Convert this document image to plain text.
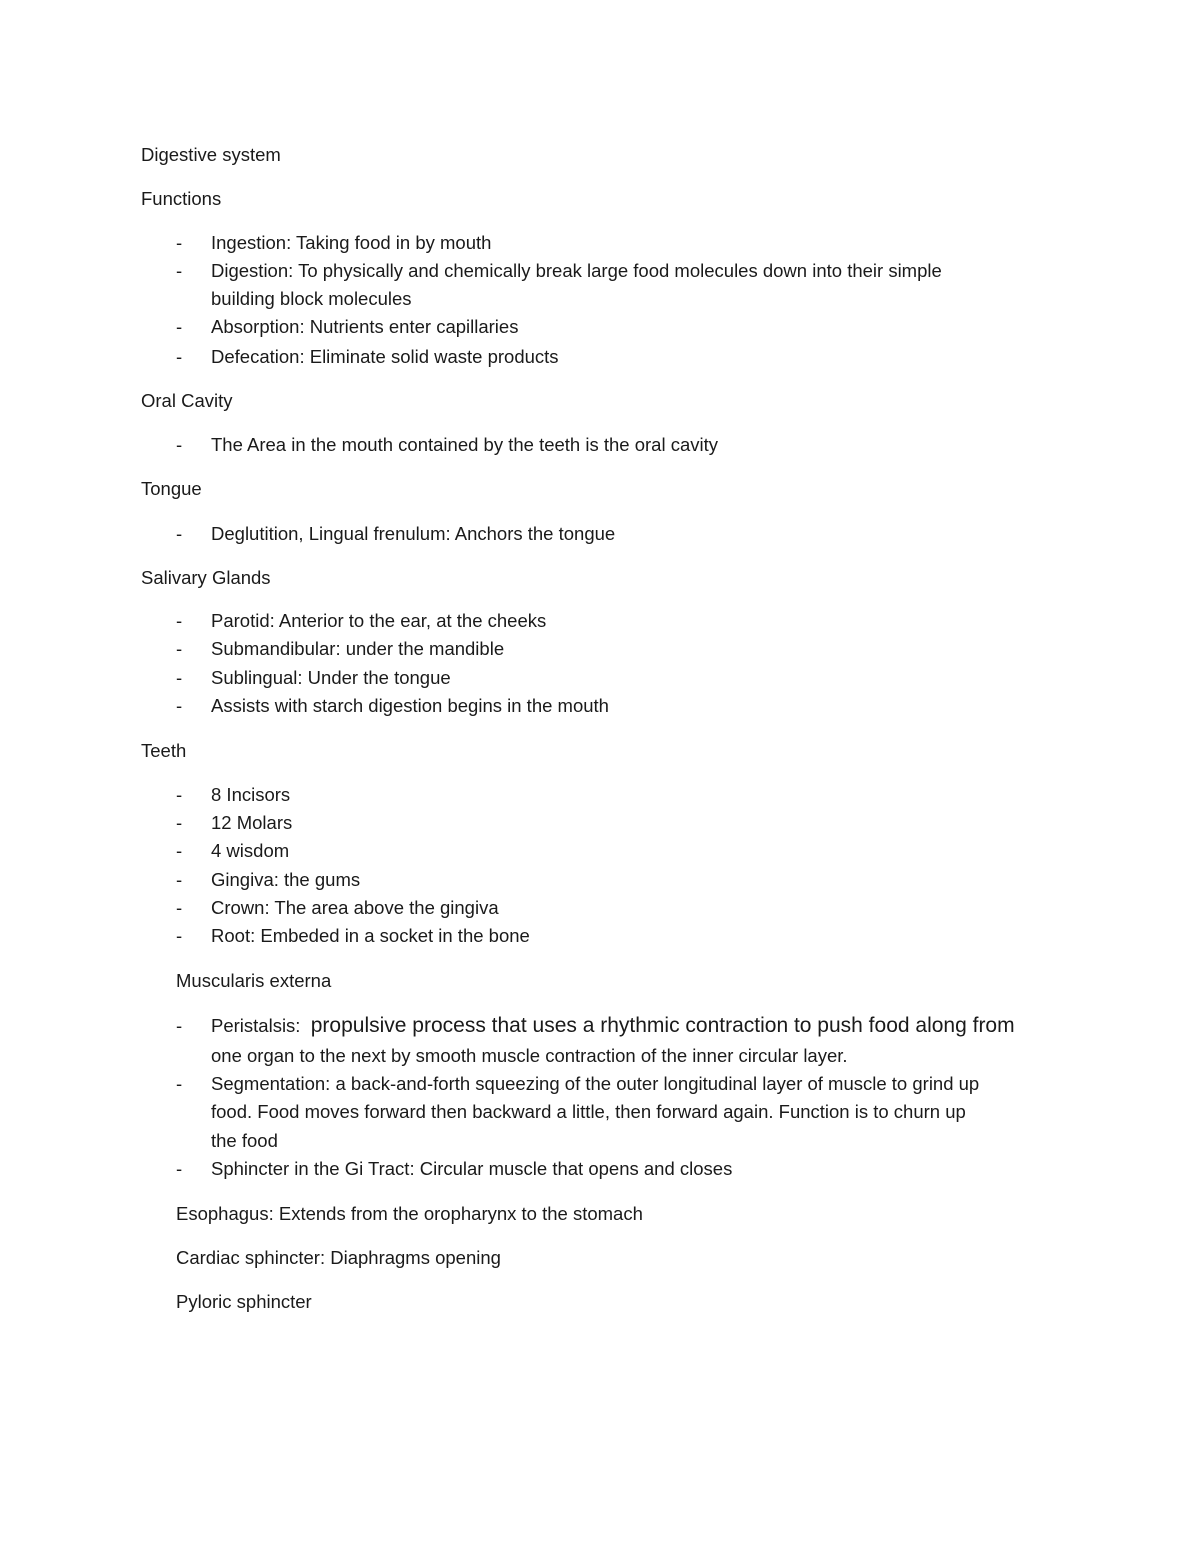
Digestive system
Functions
- Ingestion: Taking food in by mouth
- Digestion: To physically and chemically break large food molecules down into their simple
building block molecules
- Absorption: Nutrients enter capillaries
- Defecation: Eliminate solid waste products
Oral Cavity
- The Area in the mouth contained by the teeth is the oral cavity
Tongue
- Deglutition, Lingual frenulum: Anchors the tongue
Salivary Glands
- Parotid: Anterior to the ear, at the cheeks
- Submandibular: under the mandible
- Sublingual: Under the tongue
- Assists with starch digestion begins in the mouth
Teeth
- 8 Incisors
- 12 Molars
- 4 wisdom
- Gingiva: the gums
- Crown: The area above the gingiva
- Root: Embeded in a socket in the bone
Muscularis externa
- Peristalsis: propulsive process that uses a rhythmic contraction to push food along from
one organ to the next by smooth muscle contraction of the inner circular layer.
- Segmentation: a back-and-forth squeezing of the outer longitudinal layer of muscle to grind up
food. Food moves forward then backward a little, then forward again. Function is to churn up
the food
- Sphincter in the Gi Tract: Circular muscle that opens and closes
Esophagus: Extends from the oropharynx to the stomach
Cardiac sphincter: Diaphragms opening
Pyloric sphincter
